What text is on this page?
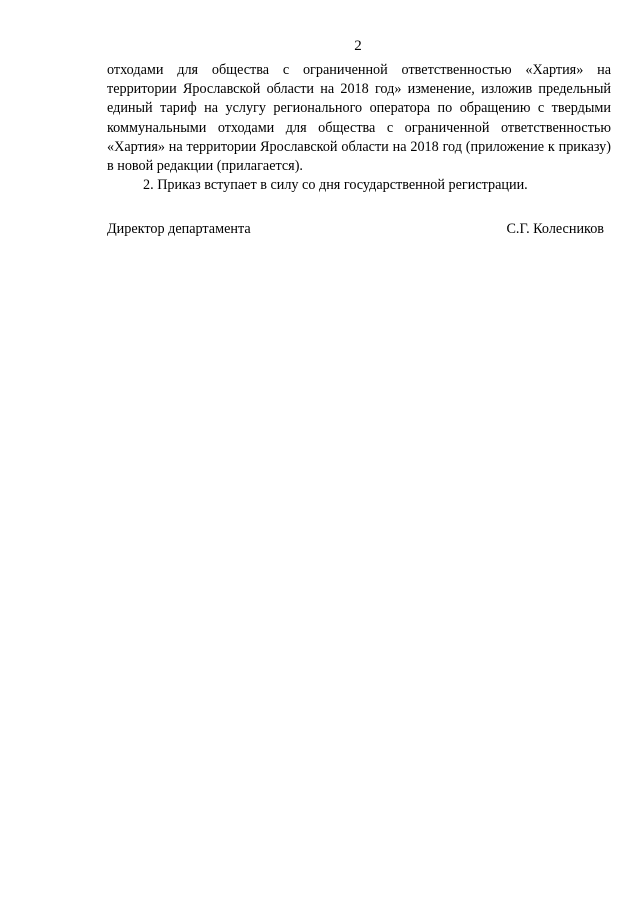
2

отходами для общества с ограниченной ответственностью «Хартия» на территории Ярославской области на 2018 год» изменение, изложив предельный единый тариф на услугу регионального оператора по обращению с твердыми коммунальными отходами для общества с ограниченной ответственностью «Хартия» на территории Ярославской области на 2018 год (приложение к приказу) в новой редакции (прилагается).

2. Приказ вступает в силу со дня государственной регистрации.

Директор департамента	С.Г. Колесников
